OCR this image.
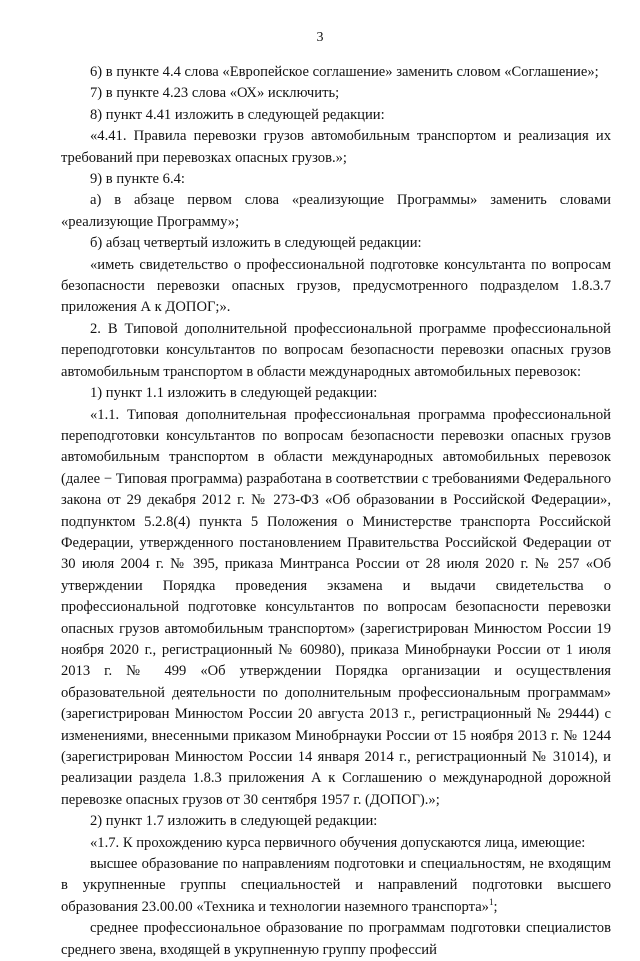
3

6) в пункте 4.4 слова «Европейское соглашение» заменить словом «Соглашение»;

7) в пункте 4.23 слова «ОХ» исключить;

8) пункт 4.41 изложить в следующей редакции:

«4.41. Правила перевозки грузов автомобильным транспортом и реализация их требований при перевозках опасных грузов.»;

9) в пункте 6.4:

а) в абзаце первом слова «реализующие Программы» заменить словами «реализующие Программу»;

б) абзац четвертый изложить в следующей редакции:

«иметь свидетельство о профессиональной подготовке консультанта по вопросам безопасности перевозки опасных грузов, предусмотренного подразделом 1.8.3.7 приложения А к ДОПОГ;».

2. В Типовой дополнительной профессиональной программе профессиональной переподготовки консультантов по вопросам безопасности перевозки опасных грузов автомобильным транспортом в области международных автомобильных перевозок:

1) пункт 1.1 изложить в следующей редакции:

«1.1. Типовая дополнительная профессиональная программа профессиональной переподготовки консультантов по вопросам безопасности перевозки опасных грузов автомобильным транспортом в области международных автомобильных перевозок (далее − Типовая программа) разработана в соответствии с требованиями Федерального закона от 29 декабря 2012 г. № 273-ФЗ «Об образовании в Российской Федерации», подпунктом 5.2.8(4) пункта 5 Положения о Министерстве транспорта Российской Федерации, утвержденного постановлением Правительства Российской Федерации от 30 июля 2004 г. № 395, приказа Минтранса России от 28 июля 2020 г. № 257 «Об утверждении Порядка проведения экзамена и выдачи свидетельства о профессиональной подготовке консультантов по вопросам безопасности перевозки опасных грузов автомобильным транспортом» (зарегистрирован Минюстом России 19 ноября 2020 г., регистрационный № 60980), приказа Минобрнауки России от 1 июля 2013 г. № 499 «Об утверждении Порядка организации и осуществления образовательной деятельности по дополнительным профессиональным программам» (зарегистрирован Минюстом России 20 августа 2013 г., регистрационный № 29444) с изменениями, внесенными приказом Минобрнауки России от 15 ноября 2013 г. № 1244 (зарегистрирован Минюстом России 14 января 2014 г., регистрационный № 31014), и реализации раздела 1.8.3 приложения А к Соглашению о международной дорожной перевозке опасных грузов от 30 сентября 1957 г. (ДОПОГ).»;

2) пункт 1.7 изложить в следующей редакции:

«1.7. К прохождению курса первичного обучения допускаются лица, имеющие:

высшее образование по направлениям подготовки и специальностям, не входящим в укрупненные группы специальностей и направлений подготовки высшего образования 23.00.00 «Техника и технологии наземного транспорта»$^1$;

среднее профессиональное образование по программам подготовки специалистов среднего звена, входящей в укрупненную группу профессий
